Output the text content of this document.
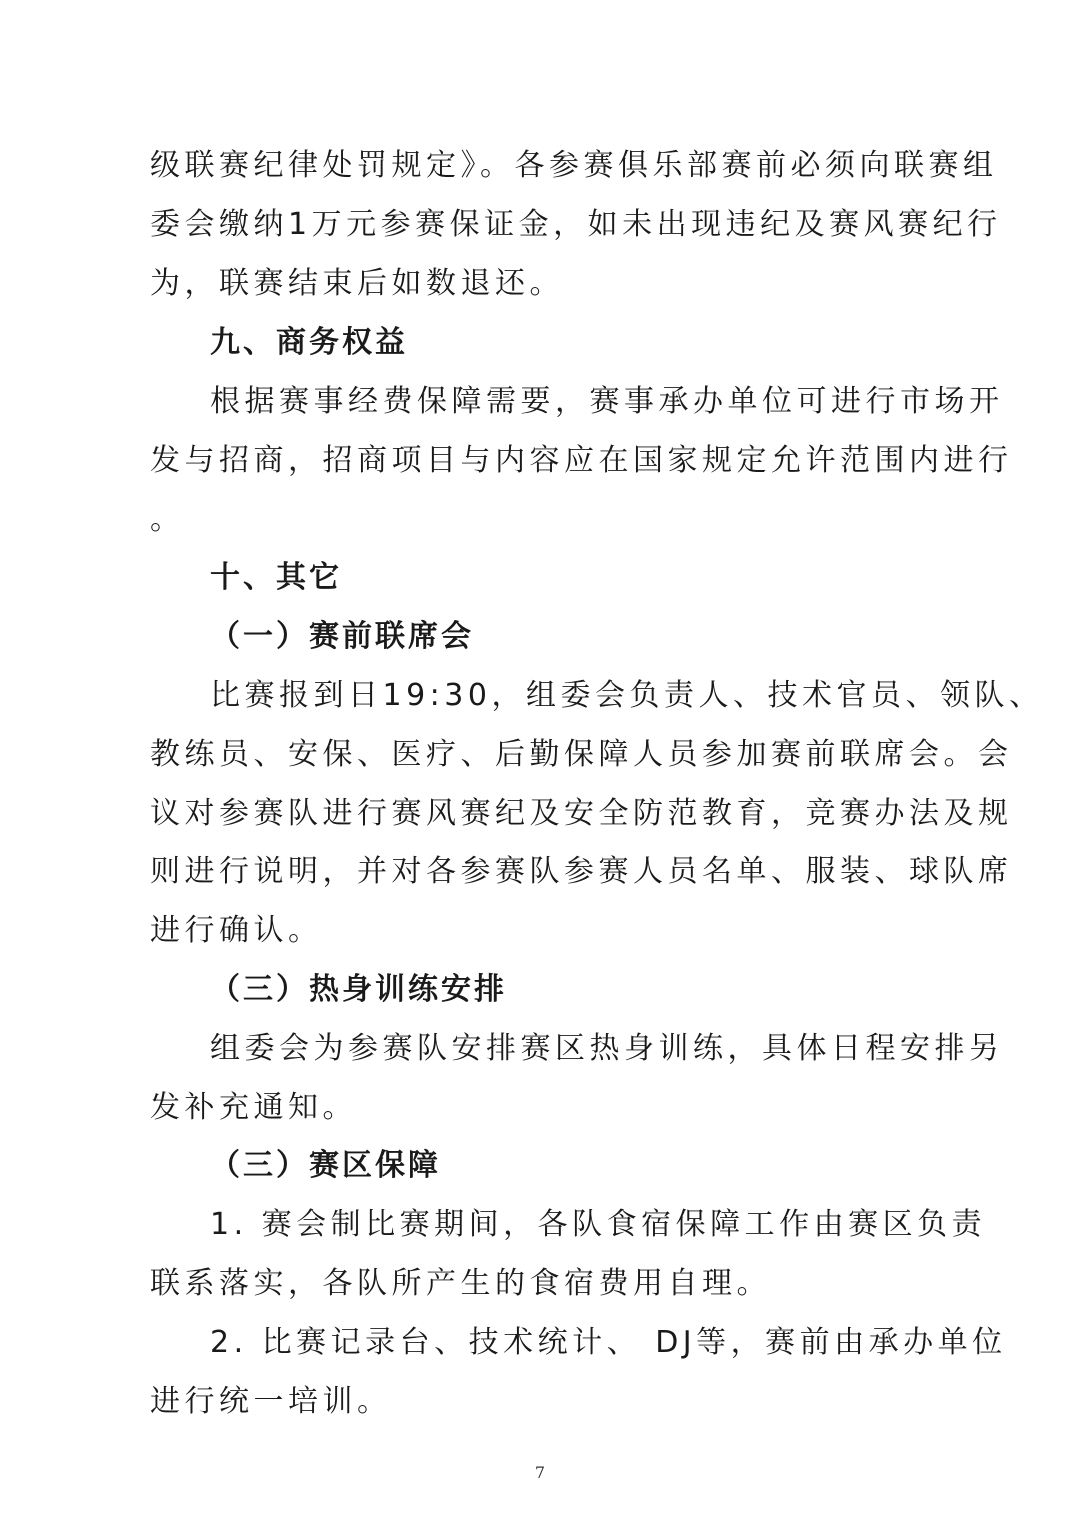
级联赛纪律处罚规定》。各参赛俱乐部赛前必须向联赛组
委会缴纳1万元参赛保证金，如未出现违纪及赛风赛纪行
为，联赛结束后如数退还。
九、商务权益
根据赛事经费保障需要，赛事承办单位可进行市场开
发与招商，招商项目与内容应在国家规定允许范围内进行
。
十、其它
（一）赛前联席会
比赛报到日19:30，组委会负责人、技术官员、领队、
教练员、安保、医疗、后勤保障人员参加赛前联席会。会
议对参赛队进行赛风赛纪及安全防范教育，竞赛办法及规
则进行说明，并对各参赛队参赛人员名单、服装、球队席
进行确认。
（三）热身训练安排
组委会为参赛队安排赛区热身训练，具体日程安排另
发补充通知。
（三）赛区保障
1. 赛会制比赛期间，各队食宿保障工作由赛区负责
联系落实，各队所产生的食宿费用自理。
2. 比赛记录台、技术统计、 DJ等，赛前由承办单位
进行统一培训。
7
